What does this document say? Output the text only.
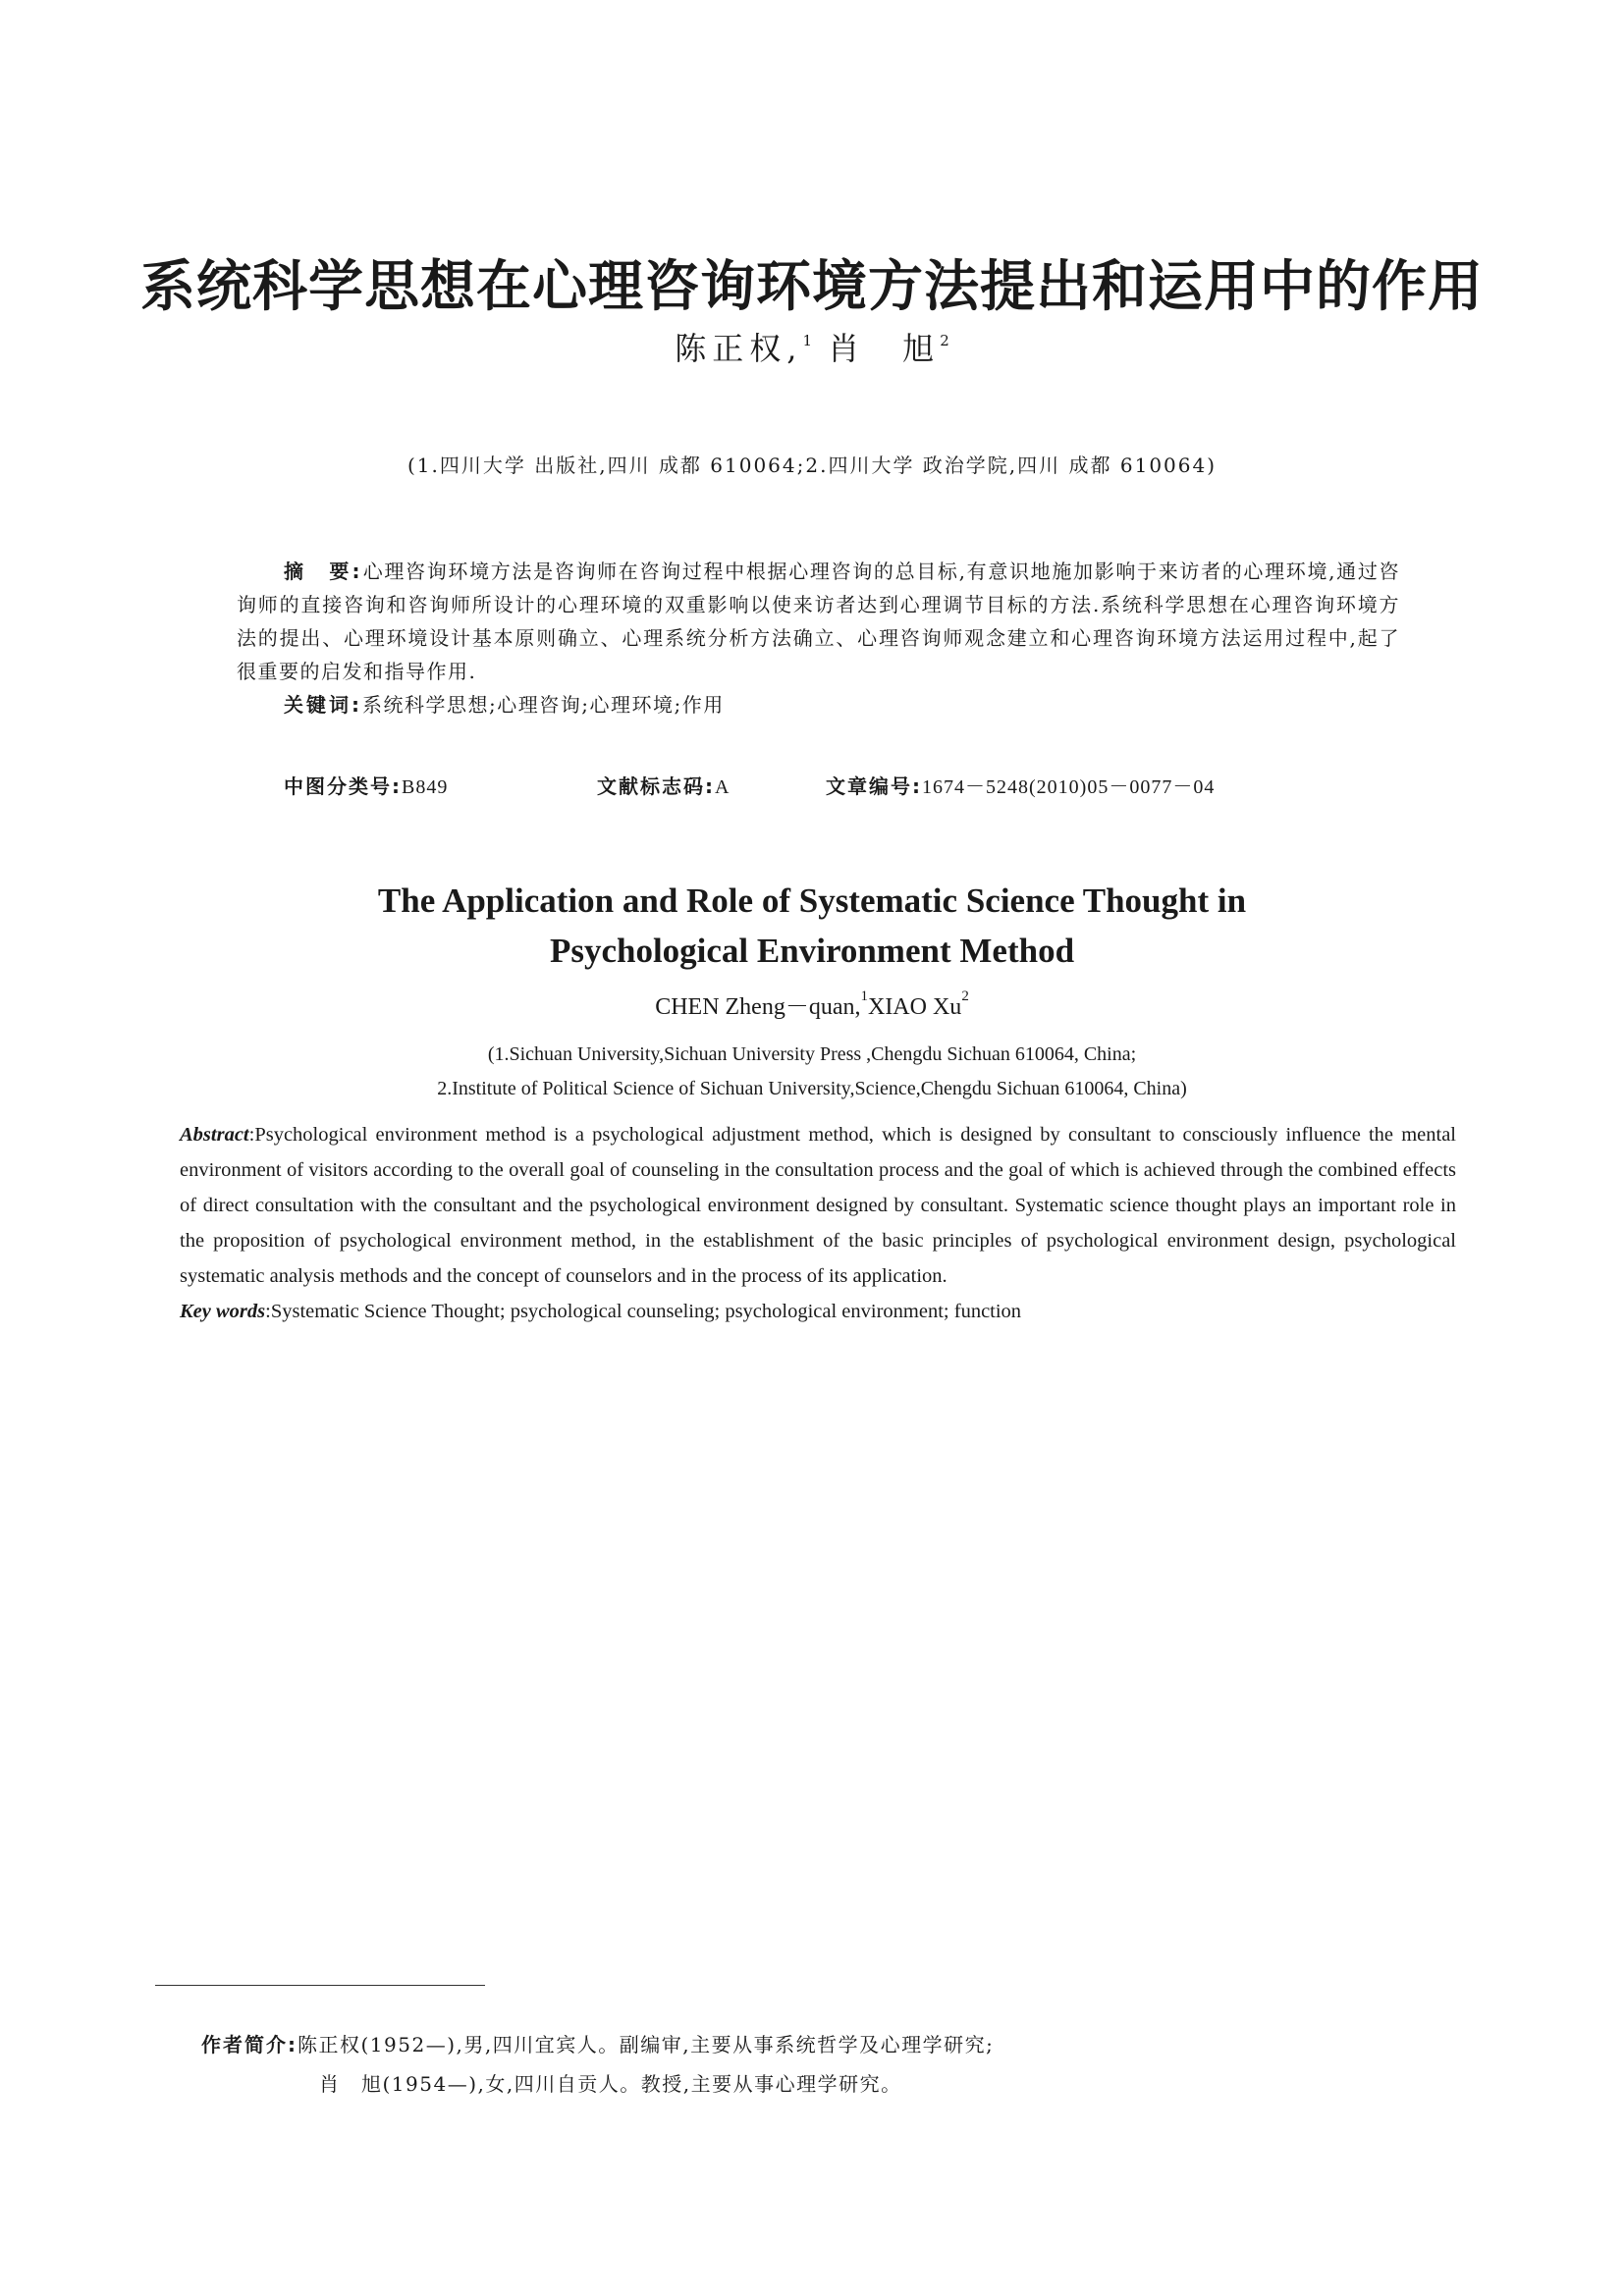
系统科学思想在心理咨询环境方法提出和运用中的作用
陈正权,$^1$ 肖　旭$^2$
(1.四川大学 出版社,四川 成都 610064;2.四川大学 政治学院,四川 成都 610064)

摘　要:心理咨询环境方法是咨询师在咨询过程中根据心理咨询的总目标,有意识地施加影响于来访者的心理环境,通过咨询师的直接咨询和咨询师所设计的心理环境的双重影响以使来访者达到心理调节目标的方法.系统科学思想在心理咨询环境方法的提出、心理环境设计基本原则确立、心理系统分析方法确立、心理咨询师观念建立和心理咨询环境方法运用过程中,起了很重要的启发和指导作用.

关键词:系统科学思想;心理咨询;心理环境;作用

中图分类号:B849	文献标志码:A	文章编号:1674－5248(2010)05－0077－04
The Application and Role of Systematic Science Thought in
Psychological Environment Method
CHEN Zheng－quan,$^1$XIAO Xu$^2$
(1.Sichuan University,Sichuan University Press ,Chengdu Sichuan 610064, China;
2.Institute of Political Science of Sichuan University,Science,Chengdu Sichuan 610064, China)

Abstract:Psychological environment method is a psychological adjustment method, which is designed by consultant to consciously influence the mental environment of visitors according to the overall goal of counseling in the consultation process and the goal of which is achieved through the combined effects of direct consultation with the consultant and the psychological environment designed by consultant. Systematic science thought plays an important role in the proposition of psychological environment method, in the establishment of the basic principles of psychological environment design, psychological systematic analysis methods and the concept of counselors and in the process of its application.

Key words:Systematic Science Thought; psychological counseling; psychological environment; function

作者简介:陈正权(1952—),男,四川宜宾人。副编审,主要从事系统哲学及心理学研究;
肖　旭(1954—),女,四川自贡人。教授,主要从事心理学研究。
